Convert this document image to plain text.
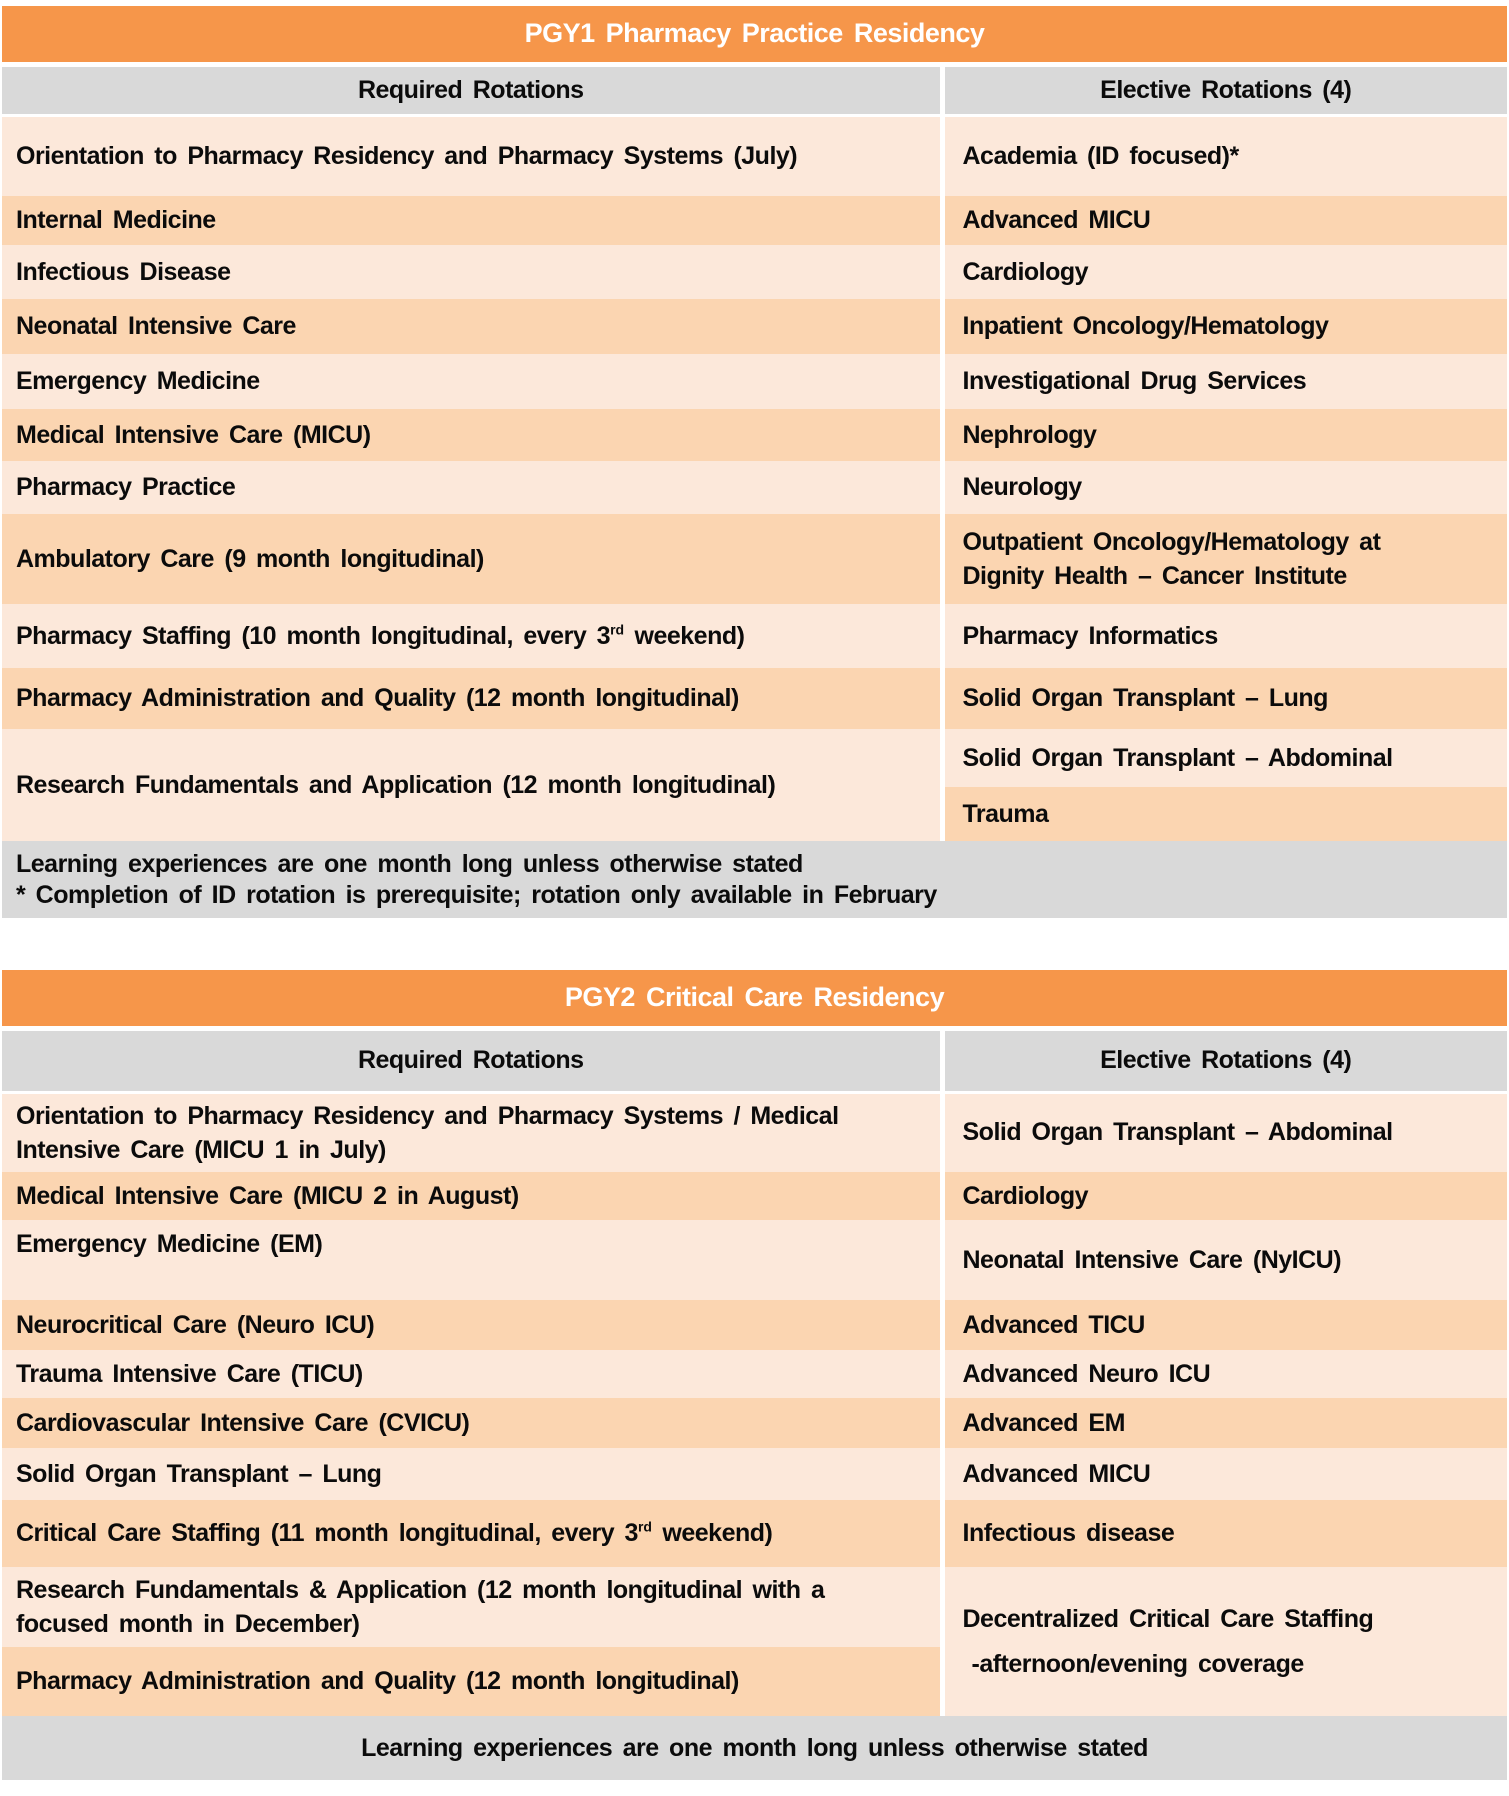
PGY1 Pharmacy Practice Residency	
Required Rotations	Elective Rotations (4)
Orientation to Pharmacy Residency and Pharmacy Systems (July)	Academia (ID focused)*
Internal Medicine	Advanced MICU
Infectious Disease	Cardiology
Neonatal Intensive Care	Inpatient Oncology/Hematology
Emergency Medicine	Investigational Drug Services
Medical Intensive Care (MICU)	Nephrology
Pharmacy Practice	Neurology
Ambulatory Care (9 month longitudinal)	Outpatient Oncology/Hematology at
Dignity Health – Cancer Institute

Pharmacy Staffing (10 month longitudinal, every 3rd weekend)	Pharmacy Informatics
Pharmacy Administration and Quality (12 month longitudinal)	Solid Organ Transplant – Lung
Research Fundamentals and Application (12 month longitudinal)	Solid Organ Transplant – Abdominal
	Trauma

Learning experiences are one month long unless otherwise stated
* Completion of ID rotation is prerequisite; rotation only available in February	
PGY2 Critical Care Residency	
Required Rotations	Elective Rotations (4)

Orientation to Pharmacy Residency and Pharmacy Systems / Medical
Intensive Care (MICU 1 in July)	Solid Organ Transplant – Abdominal
Medical Intensive Care (MICU 2 in August)	Cardiology
Emergency Medicine (EM)	Neonatal Intensive Care (NyICU)
Neurocritical Care (Neuro ICU)	Advanced TICU
Trauma Intensive Care (TICU)	Advanced Neuro ICU
Cardiovascular Intensive Care (CVICU)	Advanced EM
Solid Organ Transplant – Lung	Advanced MICU
Critical Care Staffing (11 month longitudinal, every 3rd weekend)	Infectious disease

Research Fundamentals & Application (12 month longitudinal with a
focused month in December)	Decentralized Critical Care Staffing
-afternoon/evening coverage

Pharmacy Administration and Quality (12 month longitudinal)	

Learning experiences are one month long unless otherwise stated	
